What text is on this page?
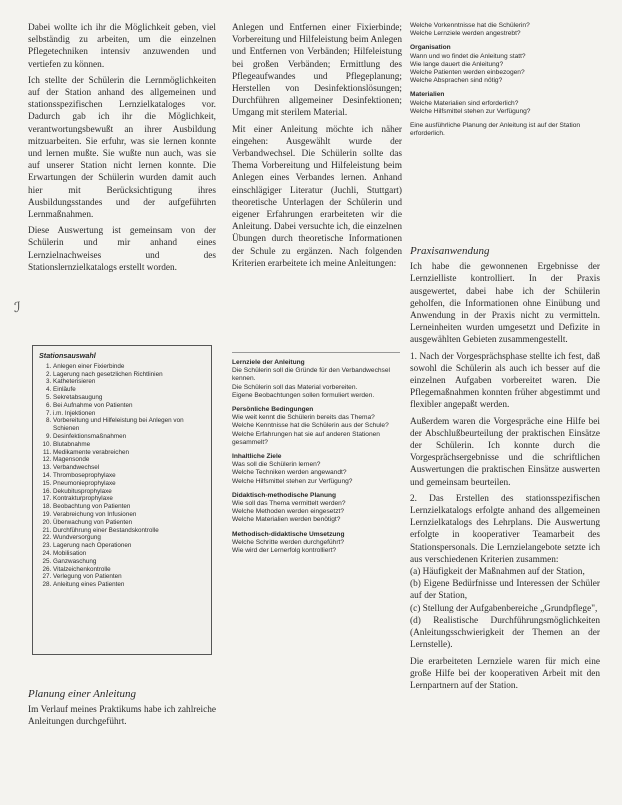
Dabei wollte ich ihr die Möglichkeit geben, viel selbständig zu arbeiten, um die einzelnen Pflegetechniken intensiv anzuwenden und vertiefen zu können.

Ich stellte der Schülerin die Lernmöglichkeiten auf der Station anhand des allgemeinen und stationsspezifischen Lernzielkataloges vor. Dadurch gab ich ihr die Möglichkeit, verantwortungsbewußt an ihrer Ausbildung mitzuarbeiten. Sie erfuhr, was sie lernen konnte und lernen mußte. Sie wußte nun auch, was sie auf unserer Station nicht lernen konnte. Die Erwartungen der Schülerin wurden damit auch hier mit Berücksichtigung ihres Ausbildungsstandes und der aufgeführten Lernmaßnahmen.

Diese Auswertung ist gemeinsam von der Schülerin und mir anhand eines Lernzielnachweises und des Stationslernzielkatalogs erstellt worden.

ℐ
Stationsauswahl
1. Anlegen einer Fixierbinde
2. Lagerung nach gesetzlichen Richtlinien
3. Katheterisieren
4. Einläufe
5. Sekretabsaugung
6. Bei Aufnahme von Patienten
7. i.m. Injektionen
8. Vorbereitung und Hilfeleistung bei Anlegen von Schienen
9. Desinfektionsmaßnahmen
10. Blutabnahme
11. Medikamente verabreichen
12. Magensonde
13. Verbandwechsel
14. Thromboseprophylaxe
15. Pneumonieprophylaxe
16. Dekubitusprophylaxe
17. Kontrakturprophylaxe
18. Beobachtung von Patienten
19. Verabreichung von Infusionen
20. Überwachung von Patienten
21. Durchführung einer Bestandskontrolle
22. Wundversorgung
23. Lagerung nach Operationen
24. Mobilisation
25. Ganzwaschung
26. Vitalzeichenkontrolle
27. Verlegung von Patienten
28. Anleitung eines Patienten
Planung einer Anleitung

Im Verlauf meines Praktikums habe ich zahlreiche Anleitungen durchgeführt.

Anlegen und Entfernen einer Fixierbinde; Vorbereitung und Hilfeleistung beim Anlegen und Entfernen von Verbänden; Hilfeleistung bei großen Verbänden; Ermittlung des Pflegeaufwandes und Pflegeplanung; Herstellen von Desinfektionslösungen; Durchführen allgemeiner Desinfektionen; Umgang mit sterilem Material.

Mit einer Anleitung möchte ich näher eingehen: Ausgewählt wurde der Verbandwechsel. Die Schülerin sollte das Thema Vorbereitung und Hilfeleistung beim Anlegen eines Verbandes lernen. Anhand einschlägiger Literatur (Juchli, Stuttgart) theoretische Unterlagen der Schülerin und eigener Erfahrungen erarbeiteten wir die Anleitung. Dabei versuchte ich, die einzelnen Übungen durch theoretische Informationen der Schule zu ergänzen. Nach folgenden Kriterien erarbeitete ich meine Anleitungen:

Lernziele der Anleitung

Die Schülerin soll die Gründe für den Verbandwechsel kennen.

Die Schülerin soll das Material vorbereiten.

Eigene Beobachtungen sollen formuliert werden.

Persönliche Bedingungen

Wie weit kennt die Schülerin bereits das Thema?

Welche Kenntnisse hat die Schülerin aus der Schule?

Welche Erfahrungen hat sie auf anderen Stationen gesammelt?

Inhaltliche Ziele

Was soll die Schülerin lernen?

Welche Techniken werden angewandt?

Welche Hilfsmittel stehen zur Verfügung?

Didaktisch-methodische Planung

Wie soll das Thema vermittelt werden?

Welche Methoden werden eingesetzt?

Welche Materialien werden benötigt?

Methodisch-didaktische Umsetzung

Welche Schritte werden durchgeführt?

Wie wird der Lernerfolg kontrolliert?

Welche Vorkenntnisse hat die Schülerin?

Welche Lernziele werden angestrebt?

Organisation

Wann und wo findet die Anleitung statt?

Wie lange dauert die Anleitung?

Welche Patienten werden einbezogen?

Welche Absprachen sind nötig?

Materialien

Welche Materialien sind erforderlich?

Welche Hilfsmittel stehen zur Verfügung?

Eine ausführliche Planung der Anleitung ist auf der Station erforderlich.

Praxisanwendung

Ich habe die gewonnenen Ergebnisse der Lernzielliste kontrolliert. In der Praxis ausgewertet, dabei habe ich der Schülerin geholfen, die Informationen ohne Einübung und Anwendung in der Praxis nicht zu vermitteln. Lerneinheiten wurden umgesetzt und Defizite in ausgewählten Gebieten zusammengestellt.

1. Nach der Vorgesprächsphase stellte ich fest, daß sowohl die Schülerin als auch ich besser auf die einzelnen Aufgaben vorbereitet waren. Die Pflegemaßnahmen konnten früher abgestimmt und flexibler angepaßt werden.

Außerdem waren die Vorgespräche eine Hilfe bei der Abschlußbeurteilung der praktischen Einsätze der Schülerin. Ich konnte durch die Vorgesprächsergebnisse und die schriftlichen Auswertungen die praktischen Einsätze auswerten und gemeinsam beurteilen.

2. Das Erstellen des stationsspezifischen Lernzielkatalogs erfolgte anhand des allgemeinen Lernzielkatalogs des Lehrplans. Die Auswertung erfolgte in kooperativer Teamarbeit des Stationspersonals. Die Lernzielangebote setzte ich aus verschiedenen Kriterien zusammen:

(a) Häufigkeit der Maßnahmen auf der Station,

(b) Eigene Bedürfnisse und Interessen der Schüler auf der Station,

(c) Stellung der Aufgabenbereiche „Grundpflege",

(d) Realistische Durchführungsmöglichkeiten (Anleitungsschwierigkeit der Themen an der Lernstelle).

Die erarbeiteten Lernziele waren für mich eine große Hilfe bei der kooperativen Arbeit mit den Lernpartnern auf der Station.
